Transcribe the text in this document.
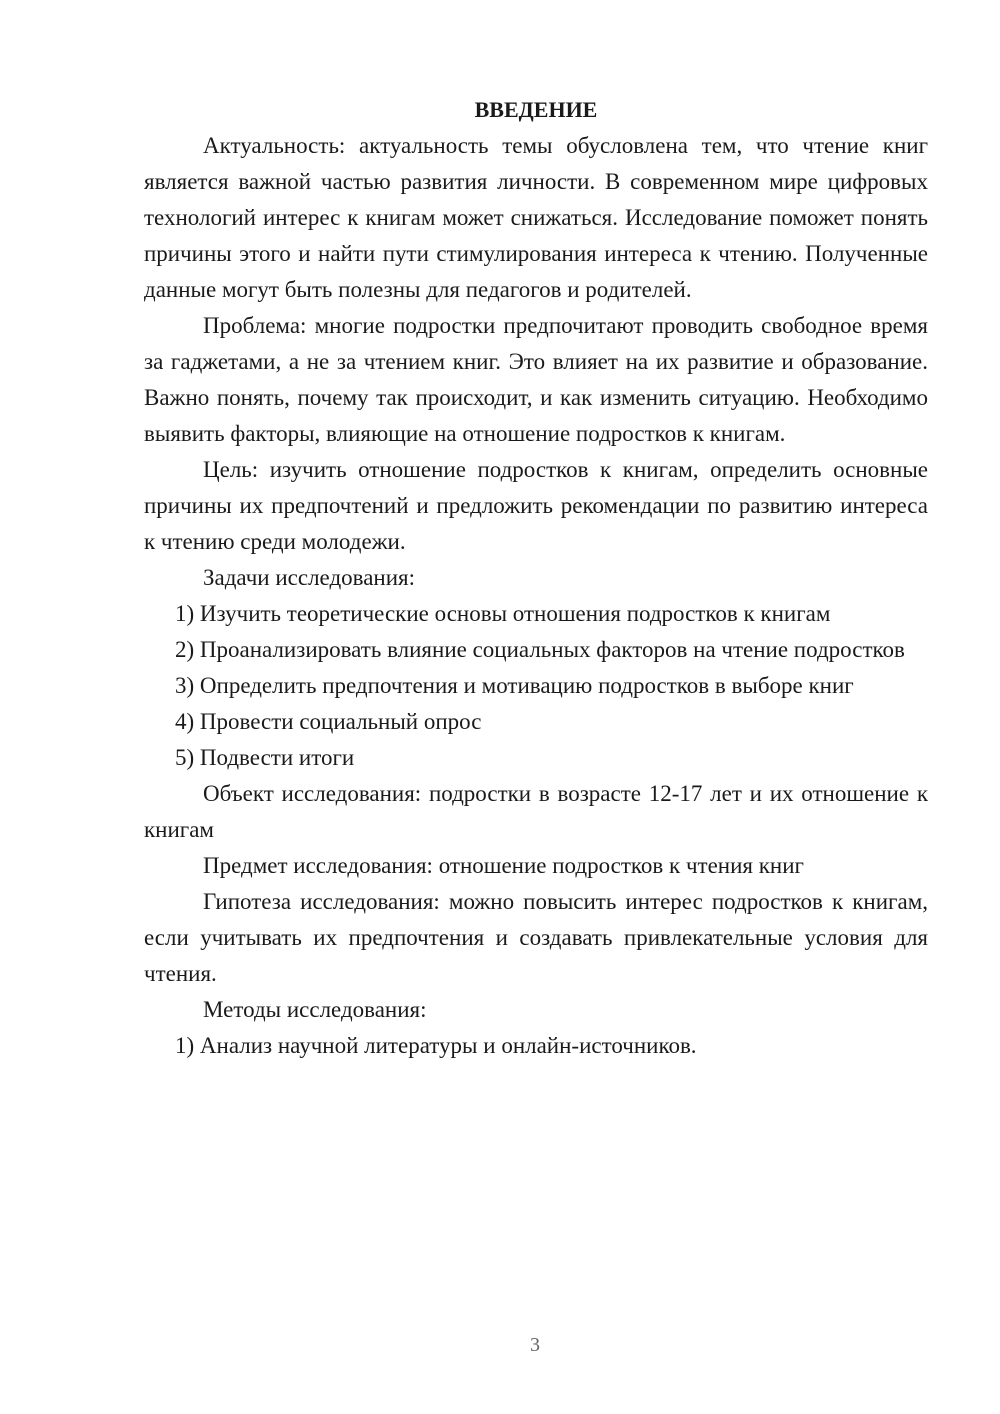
ВВЕДЕНИЕ

Актуальность: актуальность темы обусловлена тем, что чтение книг является важной частью развития личности. В современном мире цифровых технологий интерес к книгам может снижаться. Исследование поможет понять причины этого и найти пути стимулирования интереса к чтению. Полученные данные могут быть полезны для педагогов и родителей.

Проблема: многие подростки предпочитают проводить свободное время за гаджетами, а не за чтением книг. Это влияет на их развитие и образование. Важно понять, почему так происходит, и как изменить ситуацию. Необходимо выявить факторы, влияющие на отношение подростков к книгам.

Цель: изучить отношение подростков к книгам, определить основные причины их предпочтений и предложить рекомендации по развитию интереса к чтению среди молодежи.

Задачи исследования:

1) Изучить теоретические основы отношения подростков к книгам

2) Проанализировать влияние социальных факторов на чтение подростков

3) Определить предпочтения и мотивацию подростков в выборе книг

4) Провести социальный опрос

5) Подвести итоги

Объект исследования: подростки в возрасте 12-17 лет и их отношение к книгам

Предмет исследования: отношение подростков к чтения книг

Гипотеза исследования: можно повысить интерес подростков к книгам, если учитывать их предпочтения и создавать привлекательные условия для чтения.

Методы исследования:

1) Анализ научной литературы и онлайн-источников.

3
